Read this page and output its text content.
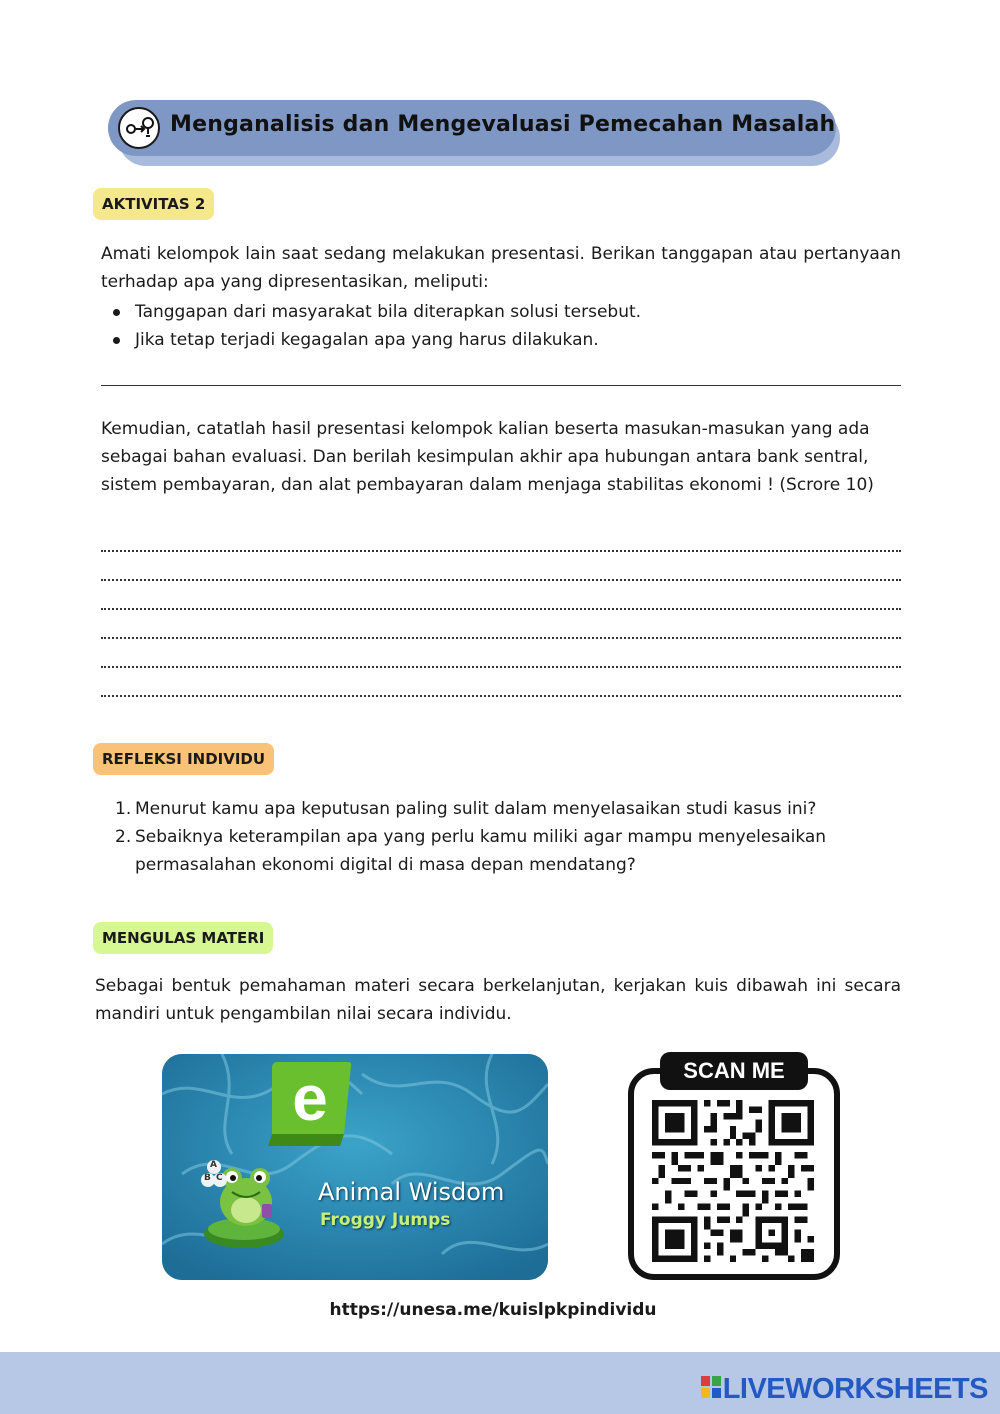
Menganalisis dan Mengevaluasi Pemecahan Masalah
AKTIVITAS 2
Amati kelompok lain saat sedang melakukan presentasi. Berikan tanggapan atau pertanyaan terhadap apa yang dipresentasikan, meliputi:
Tanggapan dari masyarakat bila diterapkan solusi tersebut.
Jika tetap terjadi kegagalan apa yang harus dilakukan.
Kemudian, catatlah hasil presentasi kelompok kalian beserta masukan-masukan yang ada sebagai bahan evaluasi. Dan berilah kesimpulan akhir apa hubungan antara bank sentral, sistem pembayaran, dan alat pembayaran dalam menjaga stabilitas ekonomi ! (Scrore 10)
REFLEKSI INDIVIDU
1. Menurut kamu apa keputusan paling sulit dalam menyelasaikan studi kasus ini?
2. Sebaiknya keterampilan apa yang perlu kamu miliki agar mampu menyelesaikan permasalahan ekonomi digital di masa depan mendatang?
MENGULAS MATERI
Sebagai bentuk pemahaman materi secara berkelanjutan, kerjakan kuis dibawah ini secara mandiri untuk pengambilan nilai secara individu.
e
A
B C	Animal Wisdom
Froggy Jumps
SCAN ME
https://unesa.me/kuislpkpindividu
LIVEWORKSHEETS
